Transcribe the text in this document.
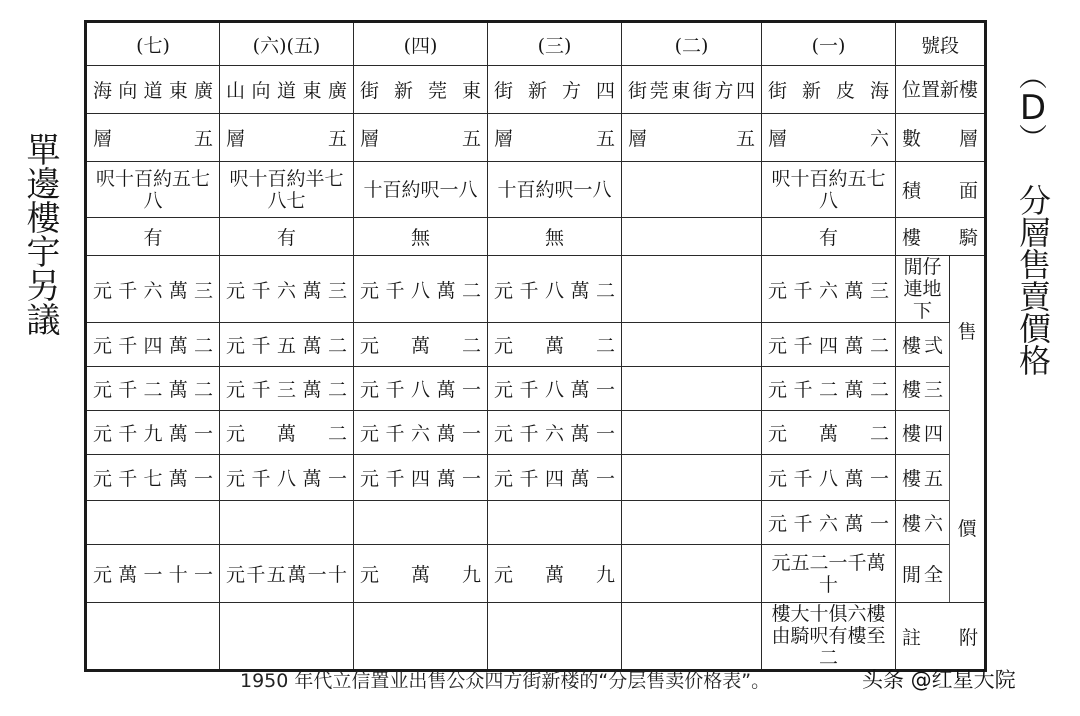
單邊樓宇另議
︵
D
︶
分層售賣價格
(七)	(六)(五)	(四)	(三)	(二)	(一)	號段	
海向道東廣	山向道東廣	街新莞東	街新方四	街莞東街方四	街新皮海	位置新樓	
層五	層五	層五	層五	層五	層六	數層	
呎十百約五七八	呎十百約半七八七	十百約呎一八	十百約呎一八		呎十百約五七八	積面	
有	有	無	無		有	樓騎	
元千六萬三	元千六萬三	元千八萬二	元千八萬二		元千六萬三	閒仔連地下	售
價

元千四萬二	元千五萬二	元萬二	元萬二		元千四萬二	樓弍	
元千二萬二	元千三萬二	元千八萬一	元千八萬一		元千二萬二	樓三	
元千九萬一	元萬二	元千六萬一	元千六萬一		元萬二	樓四	
元千七萬一	元千八萬一	元千四萬一	元千四萬一		元千八萬一	樓五	
					元千六萬一	樓六	
元萬一十一	元千五萬一十	元萬九	元萬九		元五二一千萬十	閒全	
					樓大十俱六樓由騎呎有樓至二	註附	
1950 年代立信置业出售公众四方街新楼的“分层售卖价格表”。	头条 @红星大院
